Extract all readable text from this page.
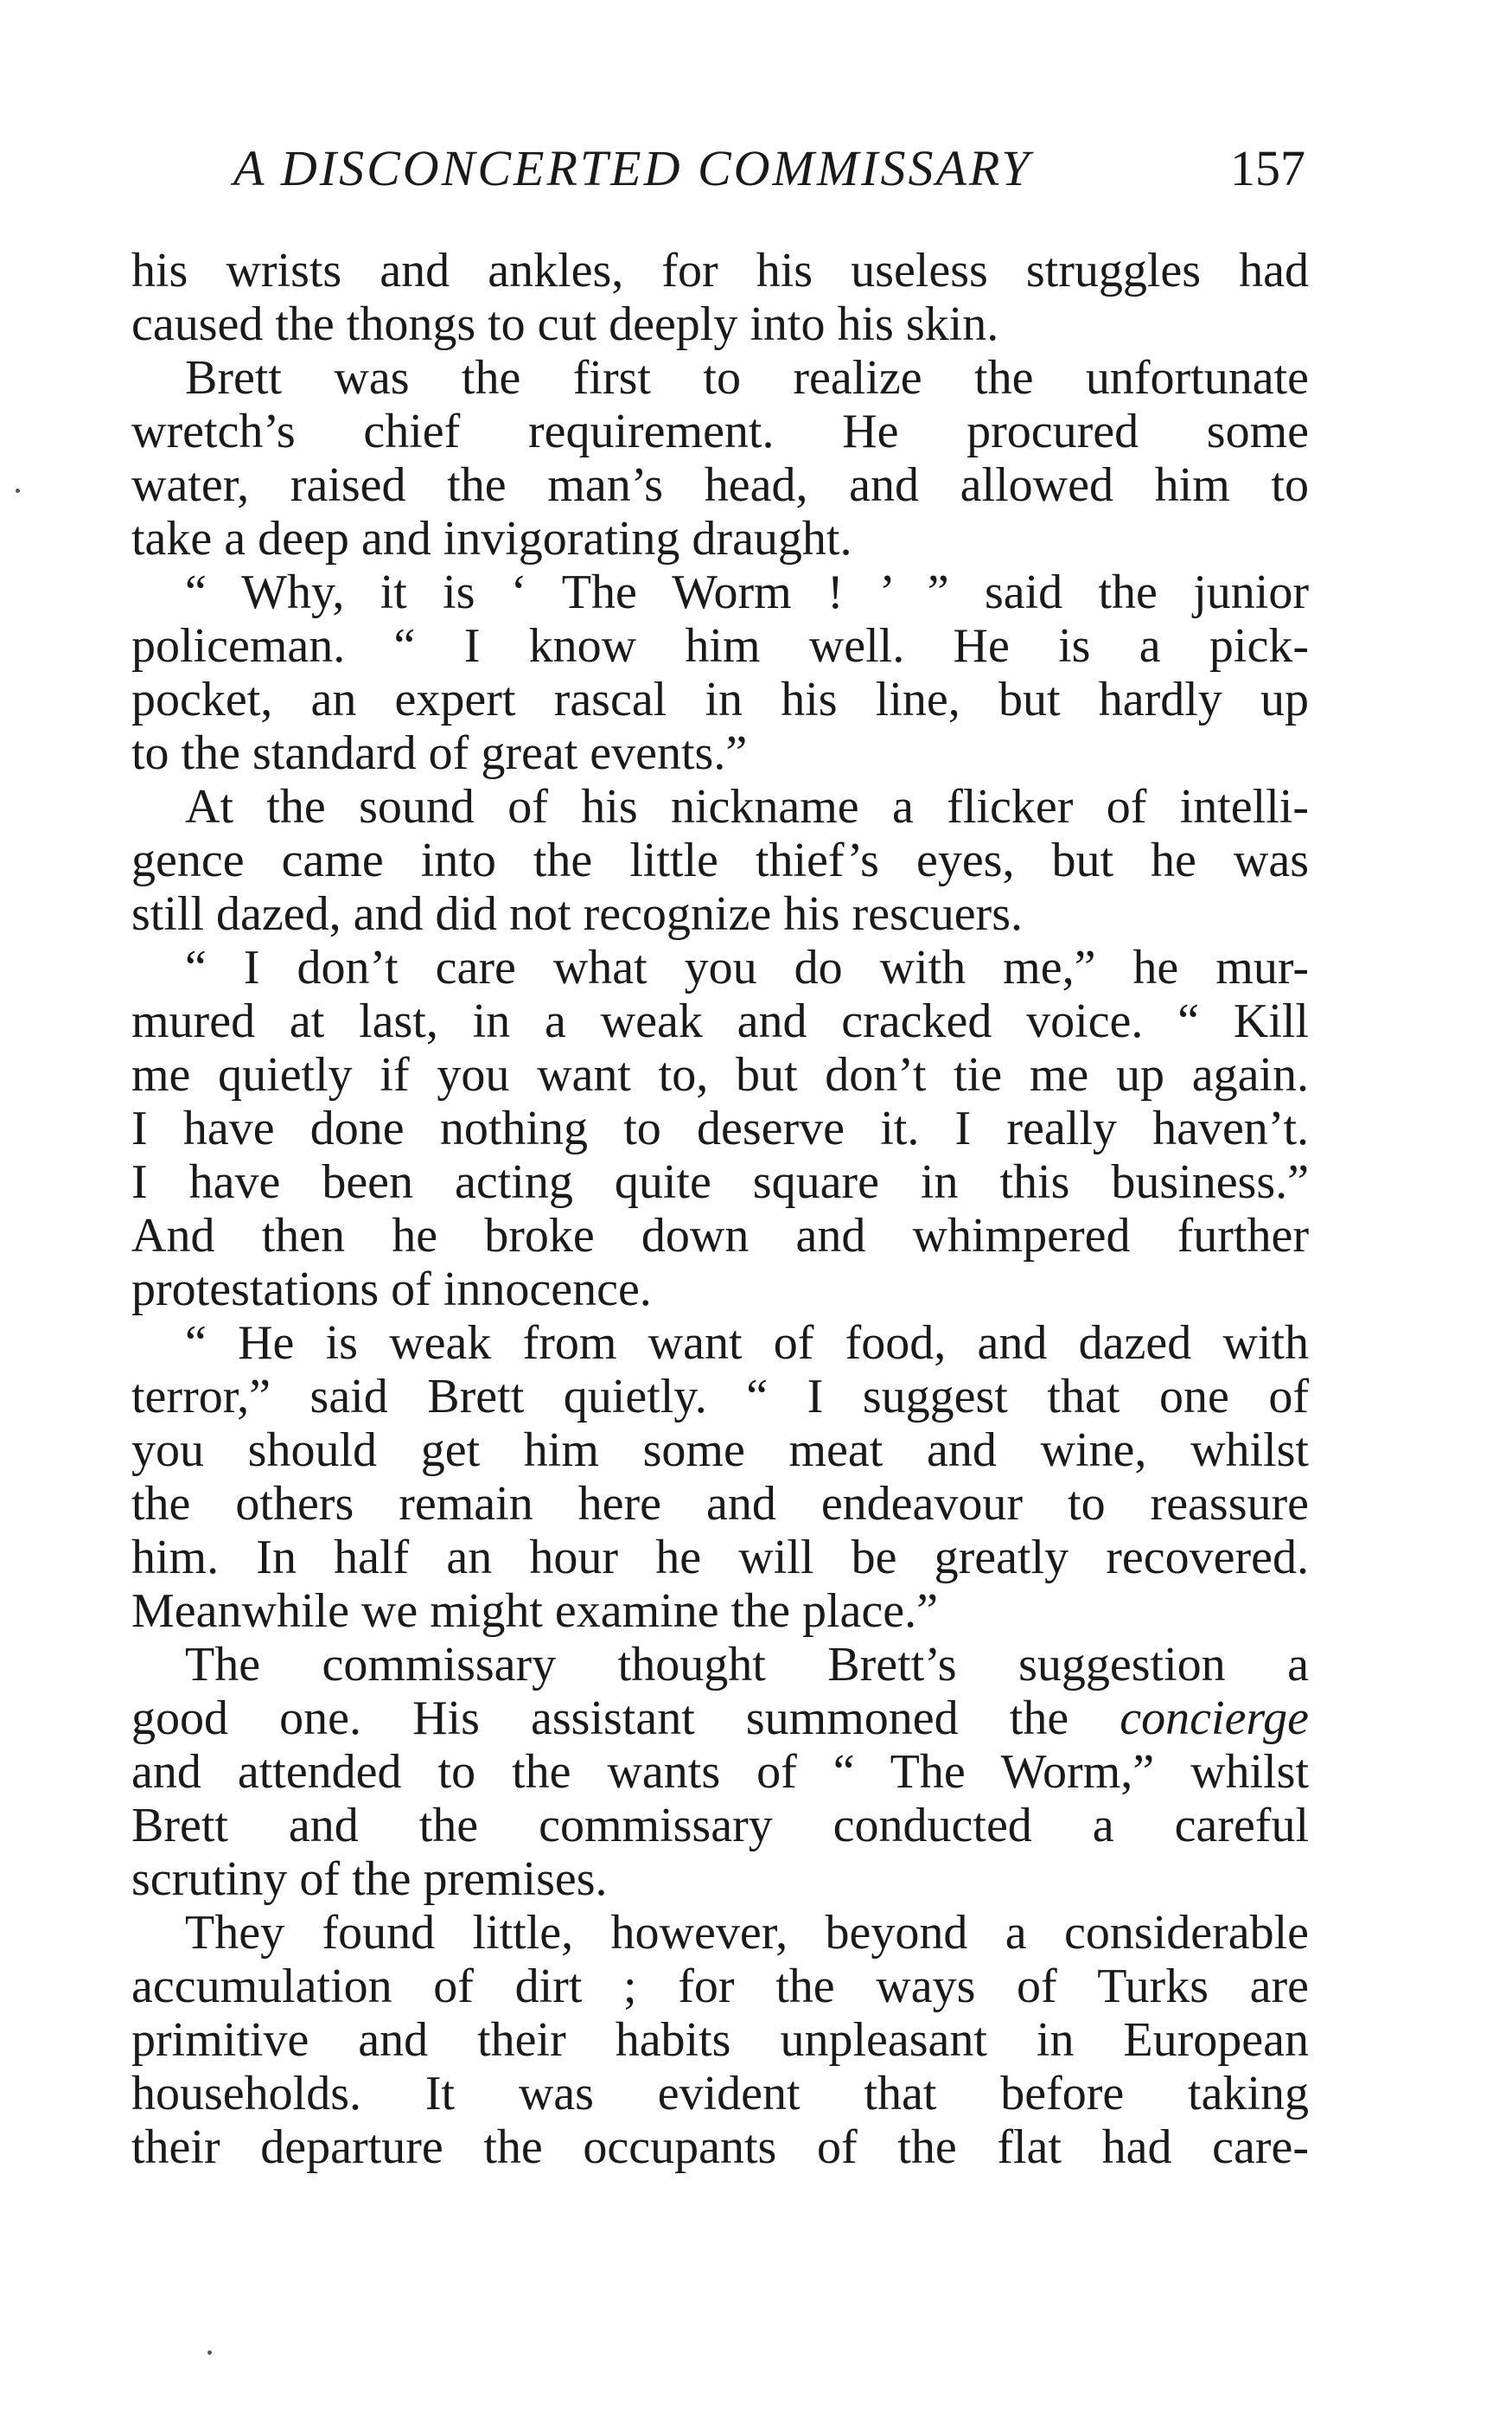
A DISCONCERTED COMMISSARY	157
his wrists and ankles, for his useless struggles had
caused the thongs to cut deeply into his skin.
Brett was the first to realize the unfortunate
wretch’s chief requirement. He procured some
water, raised the man’s head, and allowed him to
take a deep and invigorating draught.
“ Why, it is ‘ The Worm ! ’ ” said the junior
policeman. “ I know him well. He is a pick-
pocket, an expert rascal in his line, but hardly up
to the standard of great events.”
At the sound of his nickname a flicker of intelli-
gence came into the little thief’s eyes, but he was
still dazed, and did not recognize his rescuers.
“ I don’t care what you do with me,” he mur-
mured at last, in a weak and cracked voice. “ Kill
me quietly if you want to, but don’t tie me up again.
I have done nothing to deserve it. I really haven’t.
I have been acting quite square in this business.”
And then he broke down and whimpered further
protestations of innocence.
“ He is weak from want of food, and dazed with
terror,” said Brett quietly. “ I suggest that one of
you should get him some meat and wine, whilst
the others remain here and endeavour to reassure
him. In half an hour he will be greatly recovered.
Meanwhile we might examine the place.”
The commissary thought Brett’s suggestion a
good one. His assistant summoned the concierge
and attended to the wants of “ The Worm,” whilst
Brett and the commissary conducted a careful
scrutiny of the premises.
They found little, however, beyond a considerable
accumulation of dirt ; for the ways of Turks are
primitive and their habits unpleasant in European
households. It was evident that before taking
their departure the occupants of the flat had care-
